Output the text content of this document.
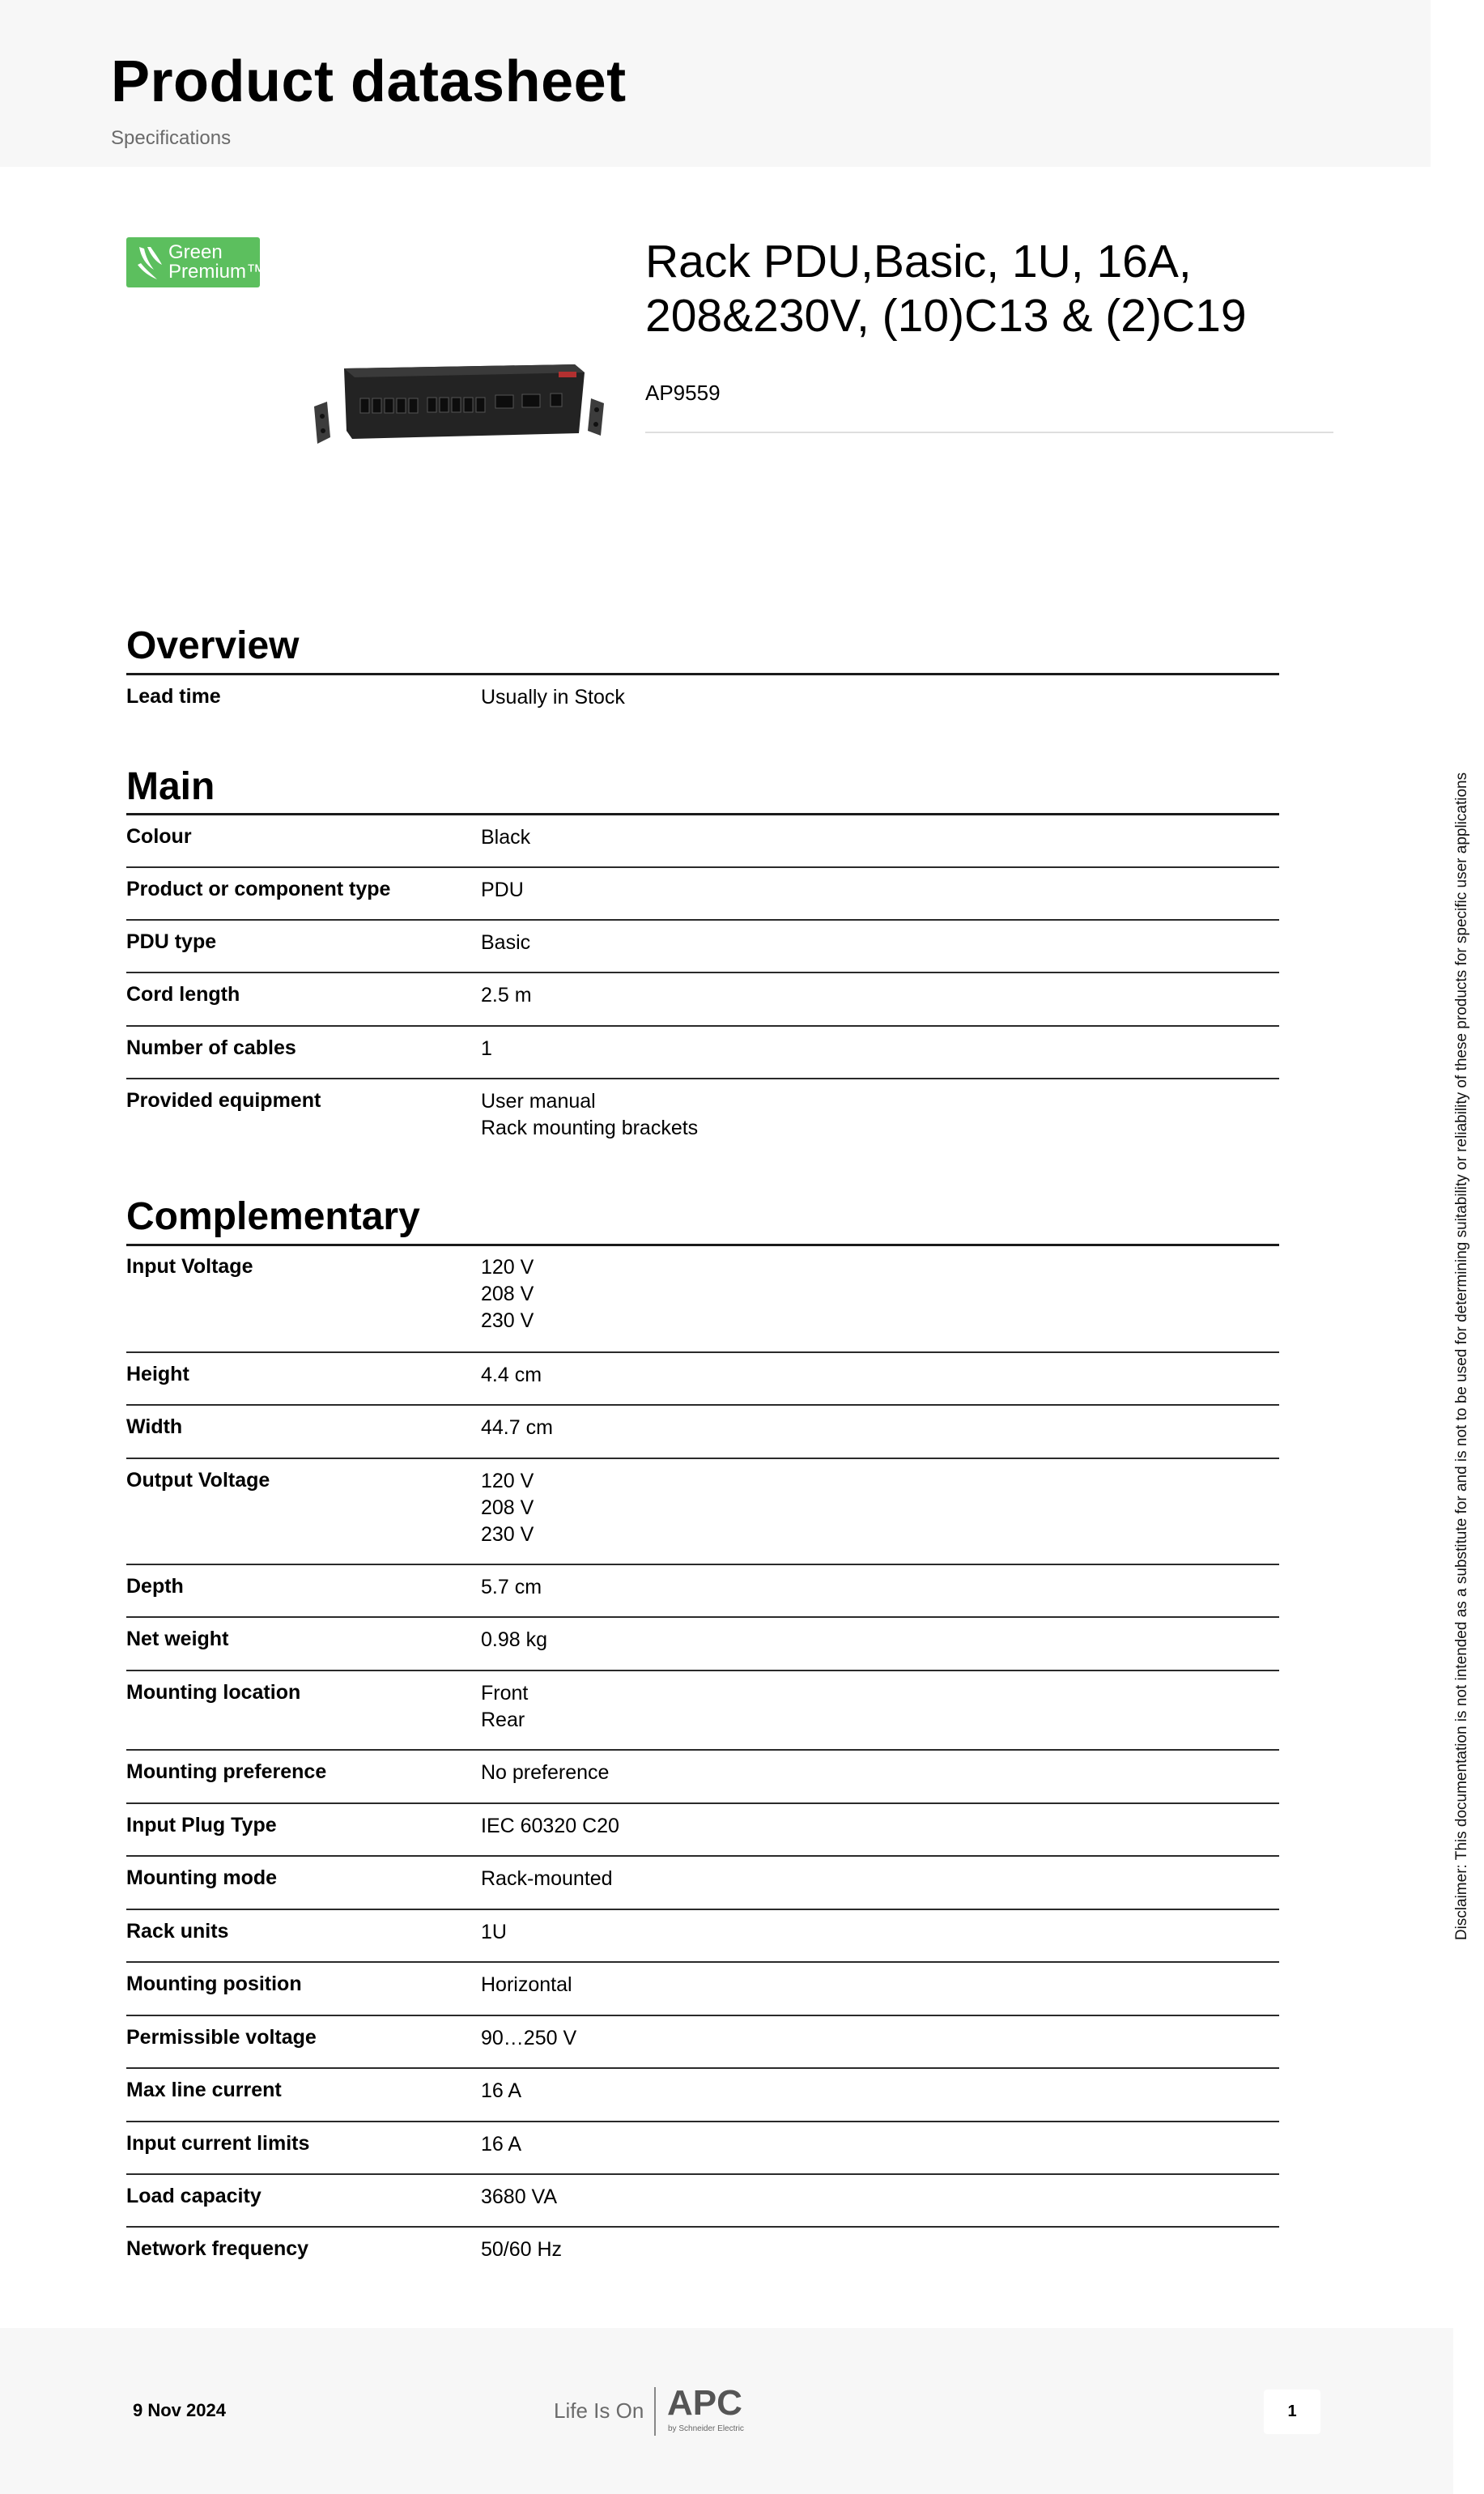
Product datasheet
Specifications
Green
Premium™	Rack PDU,Basic, 1U, 16A, 208&230V, (10)C13 & (2)C19
AP9559
Overview
Lead time	Usually in Stock
Main
Colour	Black
Product or component type	PDU
PDU type	Basic
Cord length	2.5 m
Number of cables	1
Provided equipment	User manual
Rack mounting brackets
Complementary
Input Voltage	120 V
208 V
230 V
Height	4.4 cm
Width	44.7 cm
Output Voltage	120 V
208 V
230 V
Depth	5.7 cm
Net weight	0.98 kg
Mounting location	Front
Rear
Mounting preference	No preference
Input Plug Type	IEC 60320 C20
Mounting mode	Rack-mounted
Rack units	1U
Mounting position	Horizontal
Permissible voltage	90…250 V
Max line current	16 A
Input current limits	16 A
Load capacity	3680 VA
Network frequency	50/60 Hz
9 Nov 2024	Life Is On APC
by Schneider Electric
1
Disclaimer: This documentation is not intended as a substitute for and is not to be used for determining suitability or reliability of these products for specific user applications
